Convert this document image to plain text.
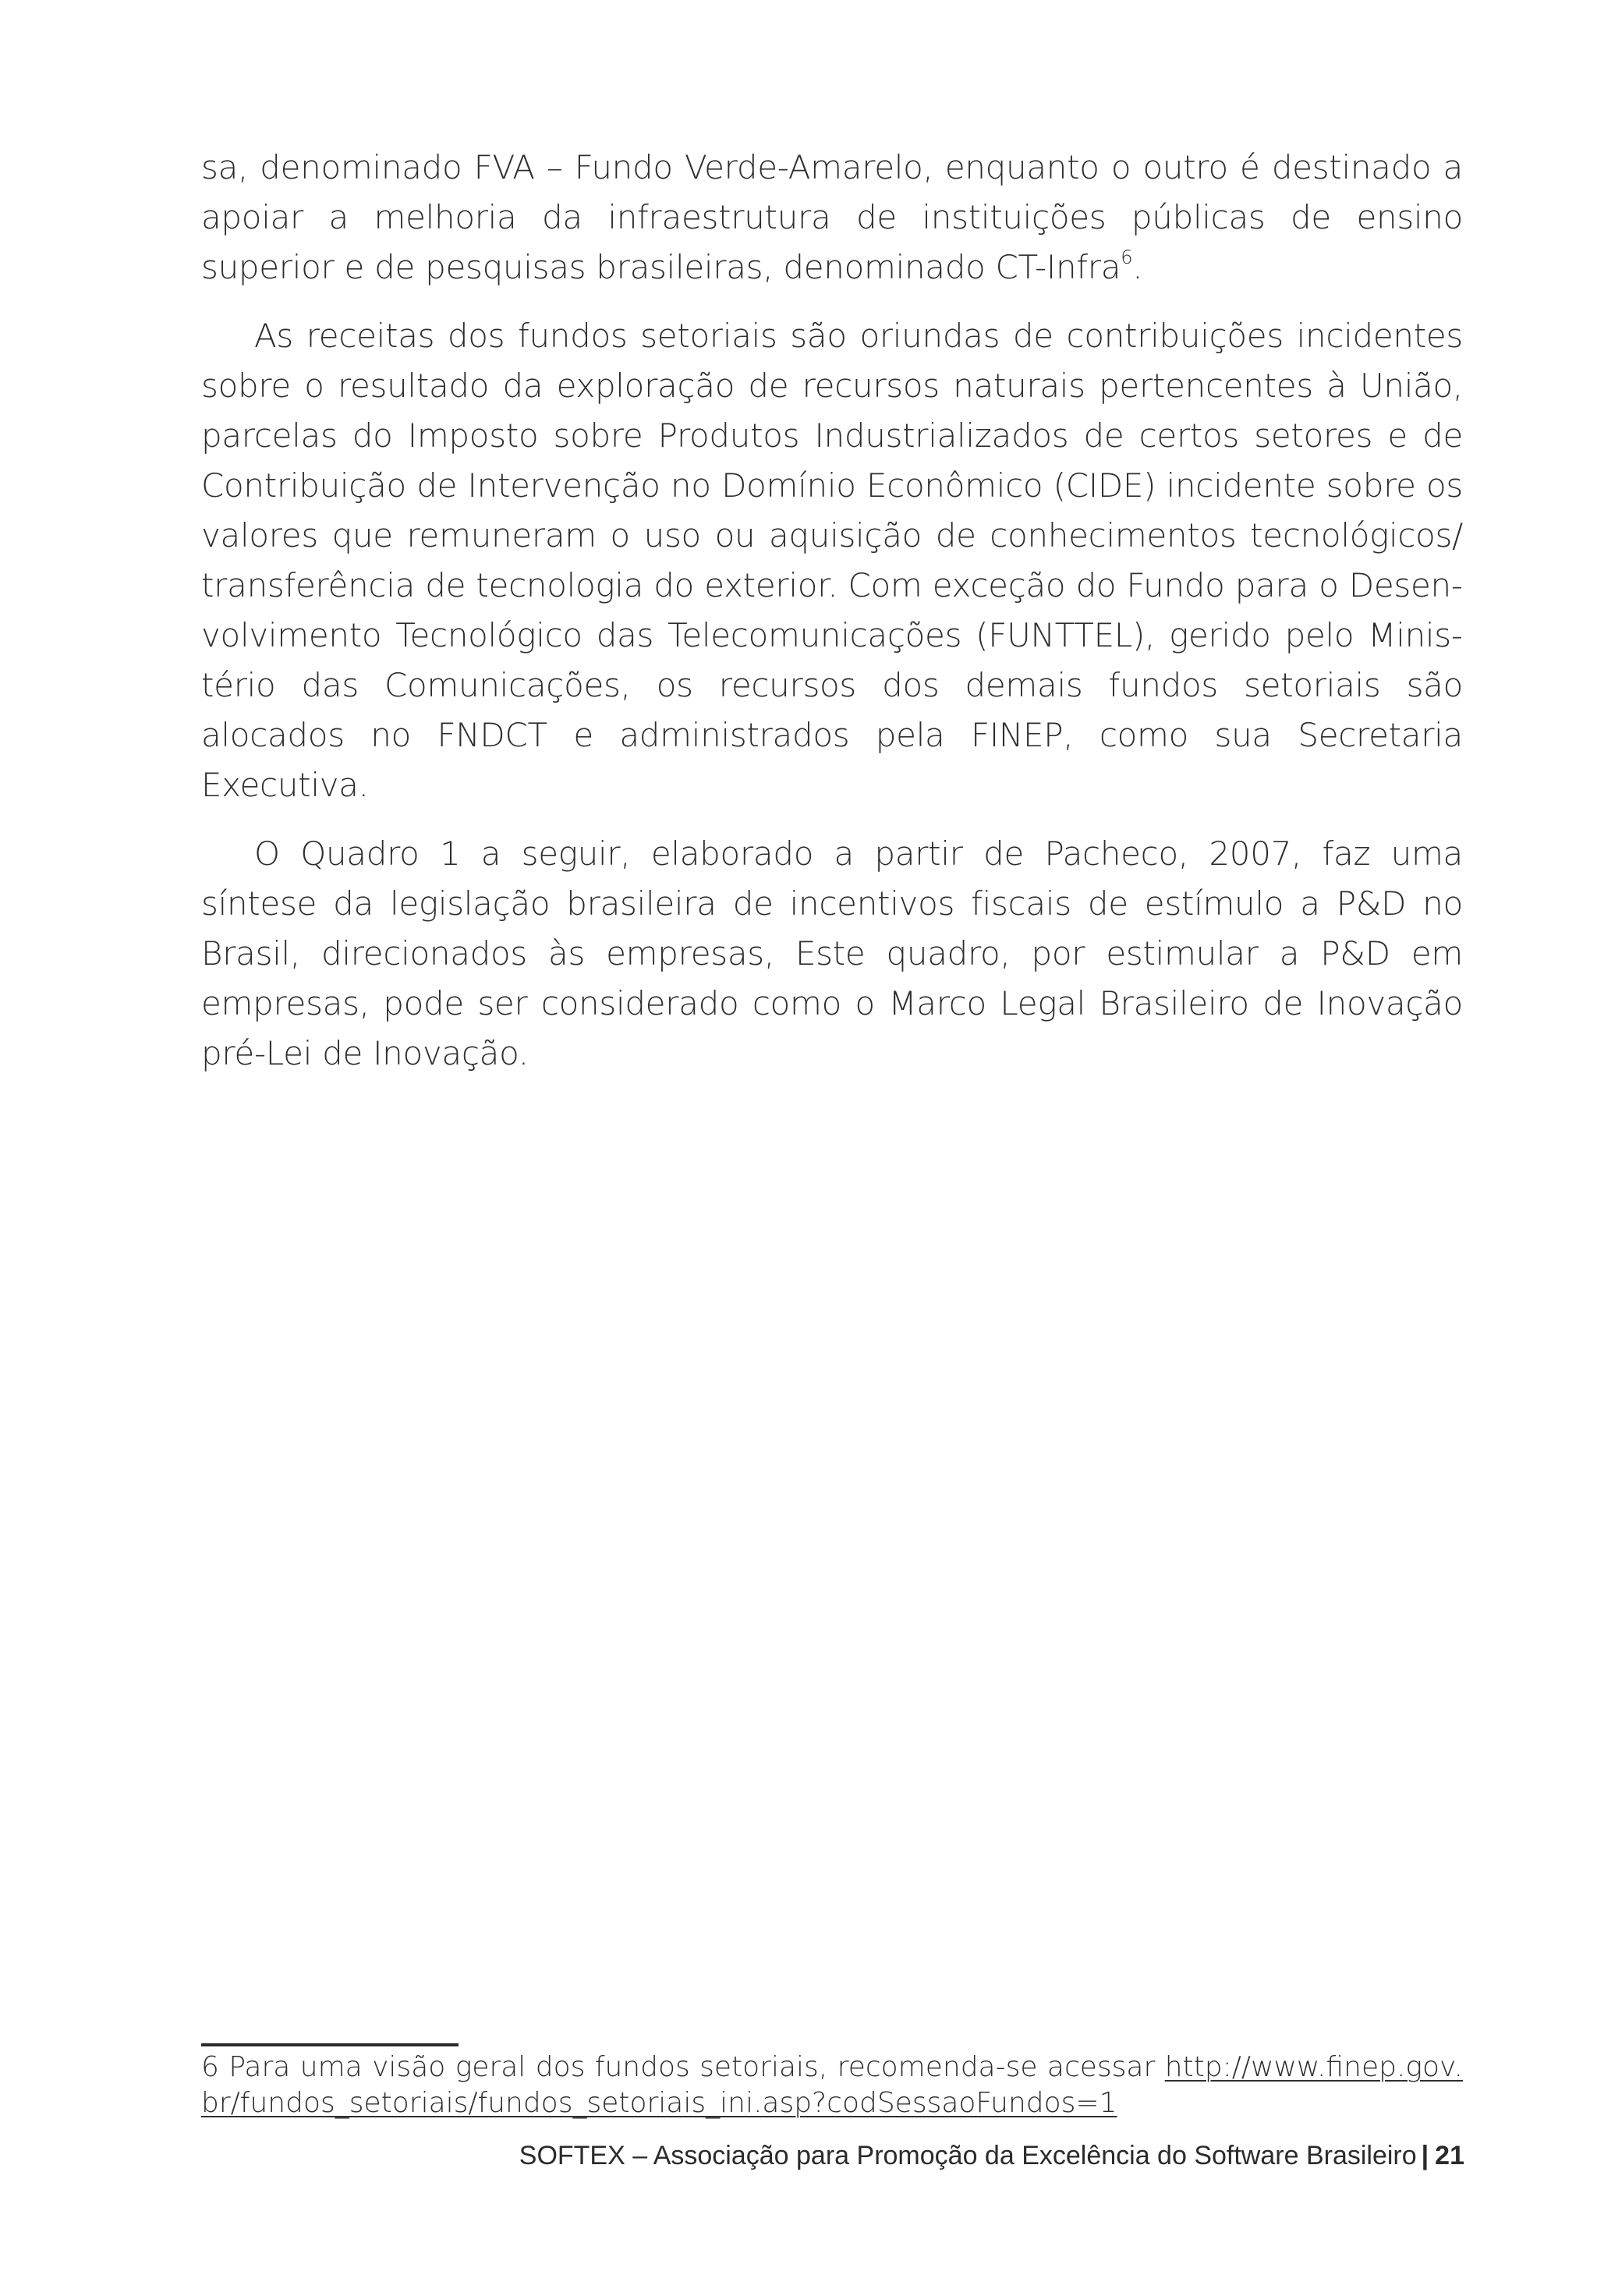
sa, denominado FVA – Fundo Verde-Amarelo, enquanto o outro é destinado a apoiar a melhoria da infraestrutura de instituições públicas de ensino superior e de pesquisas brasileiras, denominado CT-Infra$^6$.

As receitas dos fundos setoriais são oriundas de contribuições incidentes sobre o resultado da exploração de recursos naturais pertencentes à União, parcelas do Imposto sobre Produtos Industrializados de certos setores e de Contribuição de Intervenção no Domínio Econômico (CIDE) incidente sobre os valores que remuneram o uso ou aquisição de conhecimentos tecnológicos/ transferência de tecnologia do exterior. Com exceção do Fundo para o Desenvolvimento Tecnológico das Telecomunicações (FUNTTEL), gerido pelo Ministério das Comunicações, os recursos dos demais fundos setoriais são alocados no FNDCT e administrados pela FINEP, como sua Secretaria Executiva.

O Quadro 1 a seguir, elaborado a partir de Pacheco, 2007, faz uma síntese da legislação brasileira de incentivos fiscais de estímulo a P&D no Brasil, direcionados às empresas, Este quadro, por estimular a P&D em empresas, pode ser considerado como o Marco Legal Brasileiro de Inovação pré-Lei de Inovação.

6 Para uma visão geral dos fundos setoriais, recomenda-se acessar http://www.finep.gov.br/fundos_setoriais/fundos_setoriais_ini.asp?codSessaoFundos=1
SOFTEX – Associação para Promoção da Excelência do Software Brasileiro | 21
